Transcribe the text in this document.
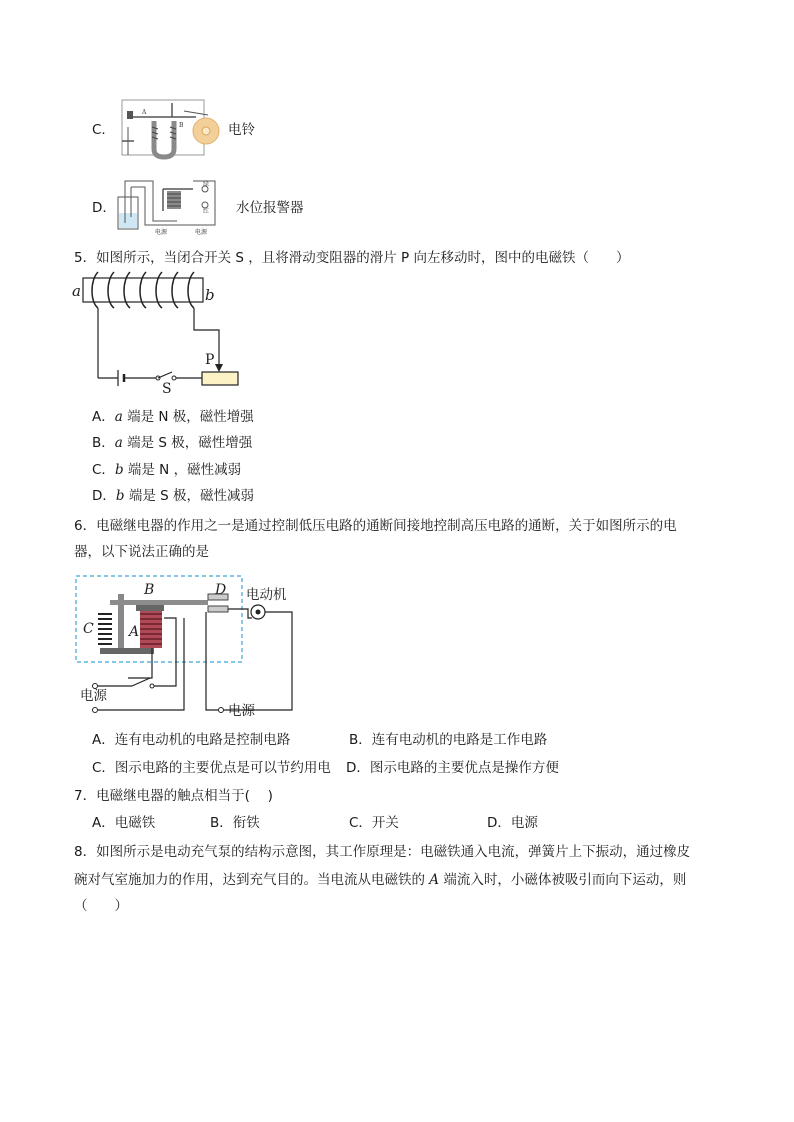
C.
A
B	电铃
D.
绿
红
电源	电源
水位报警器
5．如图所示，当闭合开关 S ，且将滑动变阻器的滑片 P 向左移动时，图中的电磁铁（　　）
a	b
P
S
A．a 端是 N 极，磁性增强
B．a 端是 S 极，磁性增强
C．b 端是 N ，磁性减弱
D．b 端是 S 极，磁性减弱
6．电磁继电器的作用之一是通过控制低压电路的通断间接地控制高压电路的通断，关于如图所示的电
器，以下说法正确的是
B	D
C	A
电动机
电源
电源
A．连有电动机的电路是控制电路	B．连有电动机的电路是工作电路
C．图示电路的主要优点是可以节约用电 D．图示电路的主要优点是操作方便
7．电磁继电器的触点相当于(　 )
A．电磁铁	B．衔铁	C．开关	D．电源
8．如图所示是电动充气泵的结构示意图，其工作原理是：电磁铁通入电流，弹簧片上下振动，通过橡皮
碗对气室施加力的作用，达到充气目的。当电流从电磁铁的 A 端流入时，小磁体被吸引而向下运动，则
（　　）
